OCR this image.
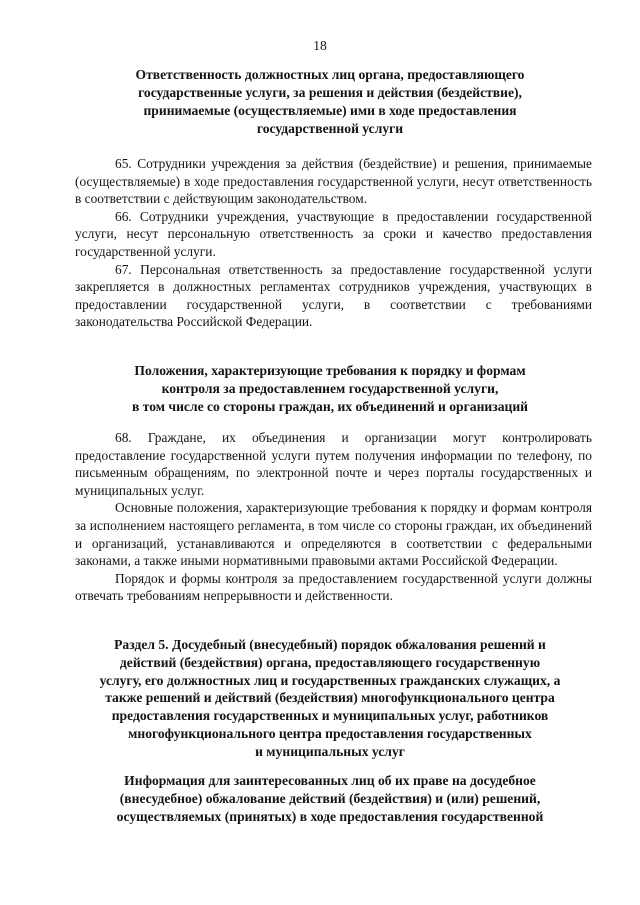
18
Ответственность должностных лиц органа, предоставляющего
государственные услуги, за решения и действия (бездействие),
принимаемые (осуществляемые) ими в ходе предоставления
государственной услуги

65. Сотрудники учреждения за действия (бездействие) и решения, принимаемые (осуществляемые) в ходе предоставления государственной услуги, несут ответственность в соответствии с действующим законодательством.

66. Сотрудники учреждения, участвующие в предоставлении государственной услуги, несут персональную ответственность за сроки и качество предоставления государственной услуги.

67. Персональная ответственность за предоставление государственной услуги закрепляется в должностных регламентах сотрудников учреждения, участвующих в предоставлении государственной услуги, в соответствии с требованиями законодательства Российской Федерации.

Положения, характеризующие требования к порядку и формам
контроля за предоставлением государственной услуги,
в том числе со стороны граждан, их объединений и организаций

68. Граждане, их объединения и организации могут контролировать предоставление государственной услуги путем получения информации по телефону, по письменным обращениям, по электронной почте и через порталы государственных и муниципальных услуг.

Основные положения, характеризующие требования к порядку и формам контроля за исполнением настоящего регламента, в том числе со стороны граждан, их объединений и организаций, устанавливаются и определяются в соответствии с федеральными законами, а также иными нормативными правовыми актами Российской Федерации.

Порядок и формы контроля за предоставлением государственной услуги должны отвечать требованиям непрерывности и действенности.

Раздел 5. Досудебный (внесудебный) порядок обжалования решений и
действий (бездействия) органа, предоставляющего государственную
услугу, его должностных лиц и государственных гражданских служащих, а
также решений и действий (бездействия) многофункционального центра
предоставления государственных и муниципальных услуг, работников
многофункционального центра предоставления государственных
и муниципальных услуг
Информация для заинтересованных лиц об их праве на досудебное
(внесудебное) обжалование действий (бездействия) и (или) решений,
осуществляемых (принятых) в ходе предоставления государственной
